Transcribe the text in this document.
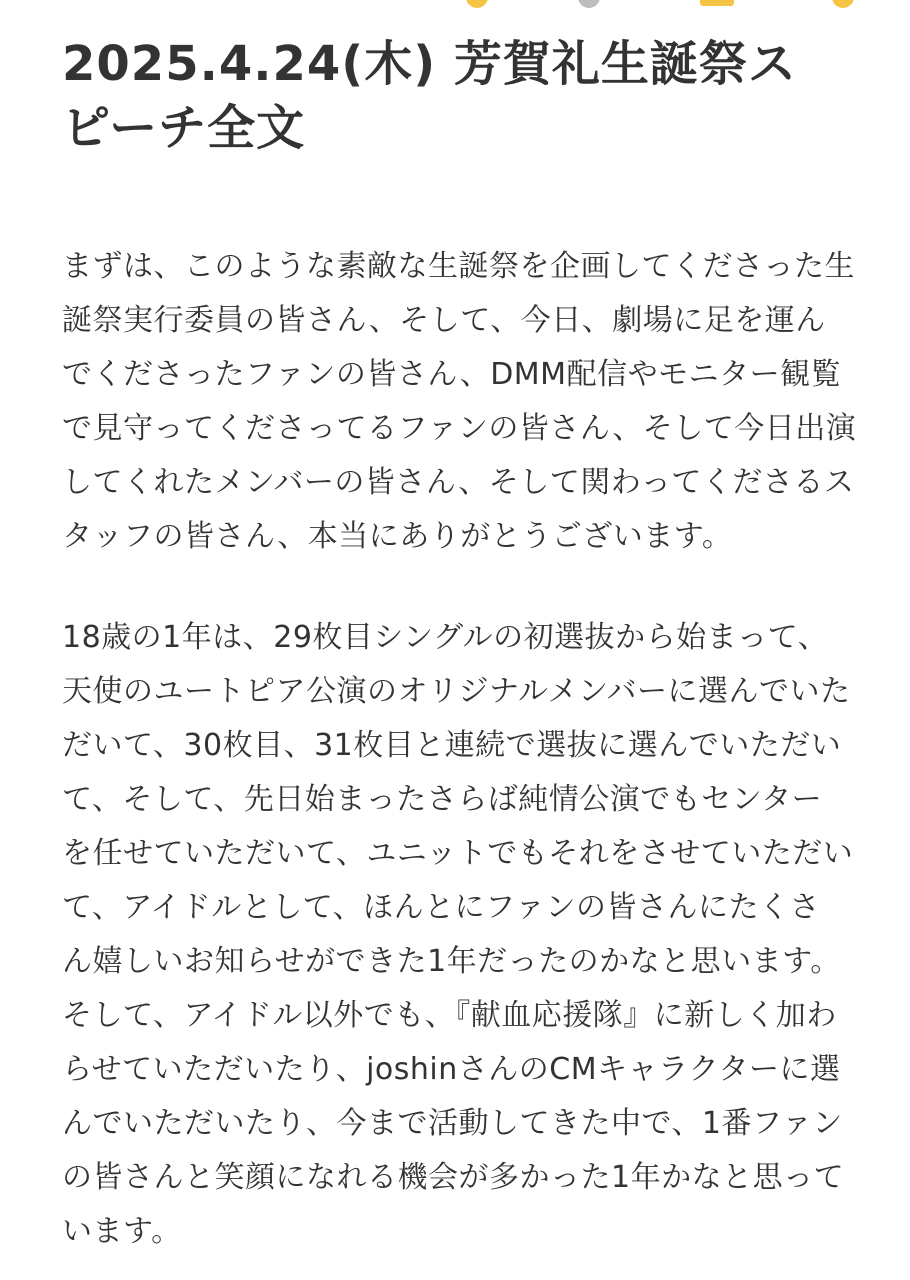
2025.4.24(木) 芳賀礼生誕祭ス
ピーチ全文

まずは、このような素敵な生誕祭を企画してくださった生
誕祭実行委員の皆さん、そして、今日、劇場に足を運ん
でくださったファンの皆さん、DMM配信やモニター観覧
で見守ってくださってるファンの皆さん、そして今日出演
してくれたメンバーの皆さん、そして関わってくださるス
タッフの皆さん、本当にありがとうございます。

18歳の1年は、29枚目シングルの初選抜から始まって、
天使のユートピア公演のオリジナルメンバーに選んでいた
だいて、30枚目、31枚目と連続で選抜に選んでいただい
て、そして、先日始まったさらば純情公演でもセンター
を任せていただいて、ユニットでもそれをさせていただい
て、アイドルとして、ほんとにファンの皆さんにたくさ
ん嬉しいお知らせができた1年だったのかなと思います。
そして、アイドル以外でも、『献血応援隊』に新しく加わ
らせていただいたり、joshinさんのCMキャラクターに選
んでいただいたり、今まで活動してきた中で、1番ファン
の皆さんと笑顔になれる機会が多かった1年かなと思って
います。
